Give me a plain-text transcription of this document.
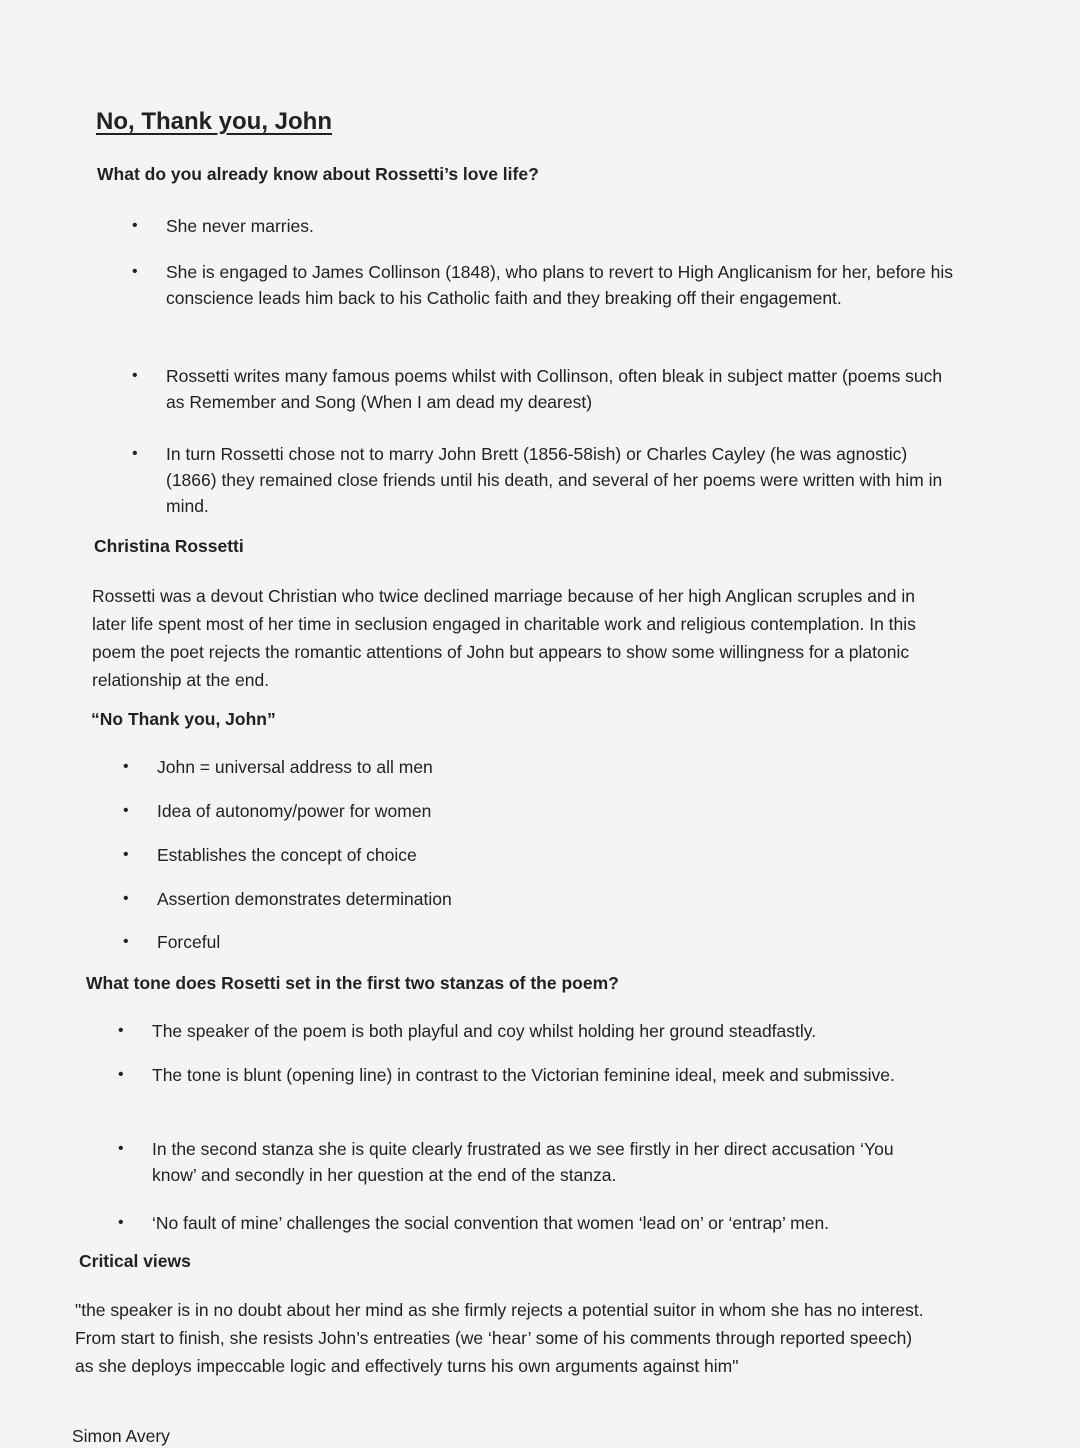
No, Thank you, John
What do you already know about Rossetti’s love life?
• She never marries.
• She is engaged to James Collinson (1848), who plans to revert to High Anglicanism for her, before his conscience leads him back to his Catholic faith and they breaking off their engagement.
• Rossetti writes many famous poems whilst with Collinson, often bleak in subject matter (poems such as Remember and Song (When I am dead my dearest)
• In turn Rossetti chose not to marry John Brett (1856-58ish) or Charles Cayley (he was agnostic)(1866) they remained close friends until his death, and several of her poems were written with him in mind.
Christina Rossetti

Rossetti was a devout Christian who twice declined marriage because of her high Anglican scruples and in later life spent most of her time in seclusion engaged in charitable work and religious contemplation. In this poem the poet rejects the romantic attentions of John but appears to show some willingness for a platonic relationship at the end.

“No Thank you, John”
• John = universal address to all men
• Idea of autonomy/power for women
• Establishes the concept of choice
• Assertion demonstrates determination
• Forceful
What tone does Rosetti set in the first two stanzas of the poem?
• The speaker of the poem is both playful and coy whilst holding her ground steadfastly.
• The tone is blunt (opening line) in contrast to the Victorian feminine ideal, meek and submissive.
• In the second stanza she is quite clearly frustrated as we see firstly in her direct accusation ‘You know’ and secondly in her question at the end of the stanza.
• ‘No fault of mine’ challenges the social convention that women ‘lead on’ or ‘entrap’ men.
Critical views

"the speaker is in no doubt about her mind as she firmly rejects a potential suitor in whom she has no interest. From start to finish, she resists John’s entreaties (we ‘hear’ some of his comments through reported speech) as she deploys impeccable logic and effectively turns his own arguments against him"

Simon Avery
